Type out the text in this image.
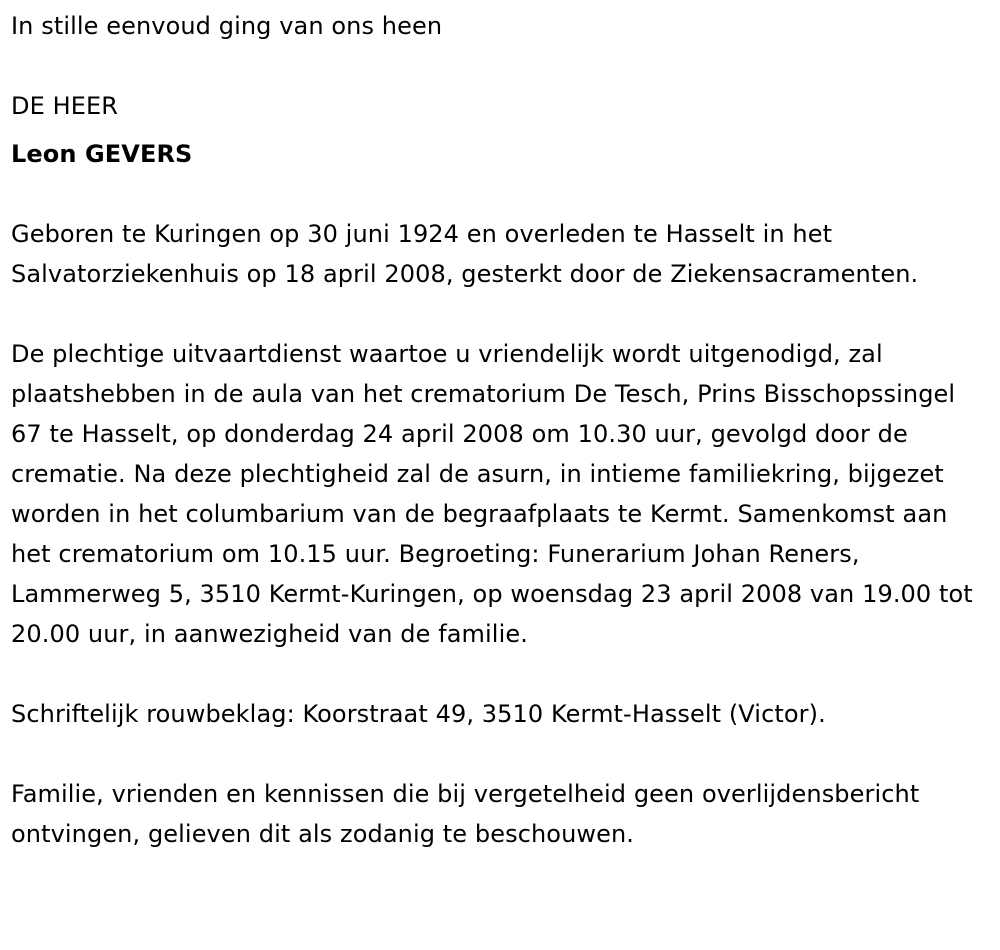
In stille eenvoud ging van ons heen

DE HEER

Leon GEVERS

Geboren te Kuringen op 30 juni 1924 en overleden te Hasselt in het Salvatorziekenhuis op 18 april 2008, gesterkt door de Ziekensacramenten.

De plechtige uitvaartdienst waartoe u vriendelijk wordt uitgenodigd, zal plaatshebben in de aula van het crematorium De Tesch, Prins Bisschopssingel 67 te Hasselt, op donderdag 24 april 2008 om 10.30 uur, gevolgd door de crematie. Na deze plechtigheid zal de asurn, in intieme familiekring, bijgezet worden in het columbarium van de begraafplaats te Kermt. Samenkomst aan het crematorium om 10.15 uur. Begroeting: Funerarium Johan Reners, Lammerweg 5, 3510 Kermt-Kuringen, op woensdag 23 april 2008 van 19.00 tot 20.00 uur, in aanwezigheid van de familie.

Schriftelijk rouwbeklag: Koorstraat 49, 3510 Kermt-Hasselt (Victor).

Familie, vrienden en kennissen die bij vergetelheid geen overlijdensbericht ontvingen, gelieven dit als zodanig te beschouwen.
